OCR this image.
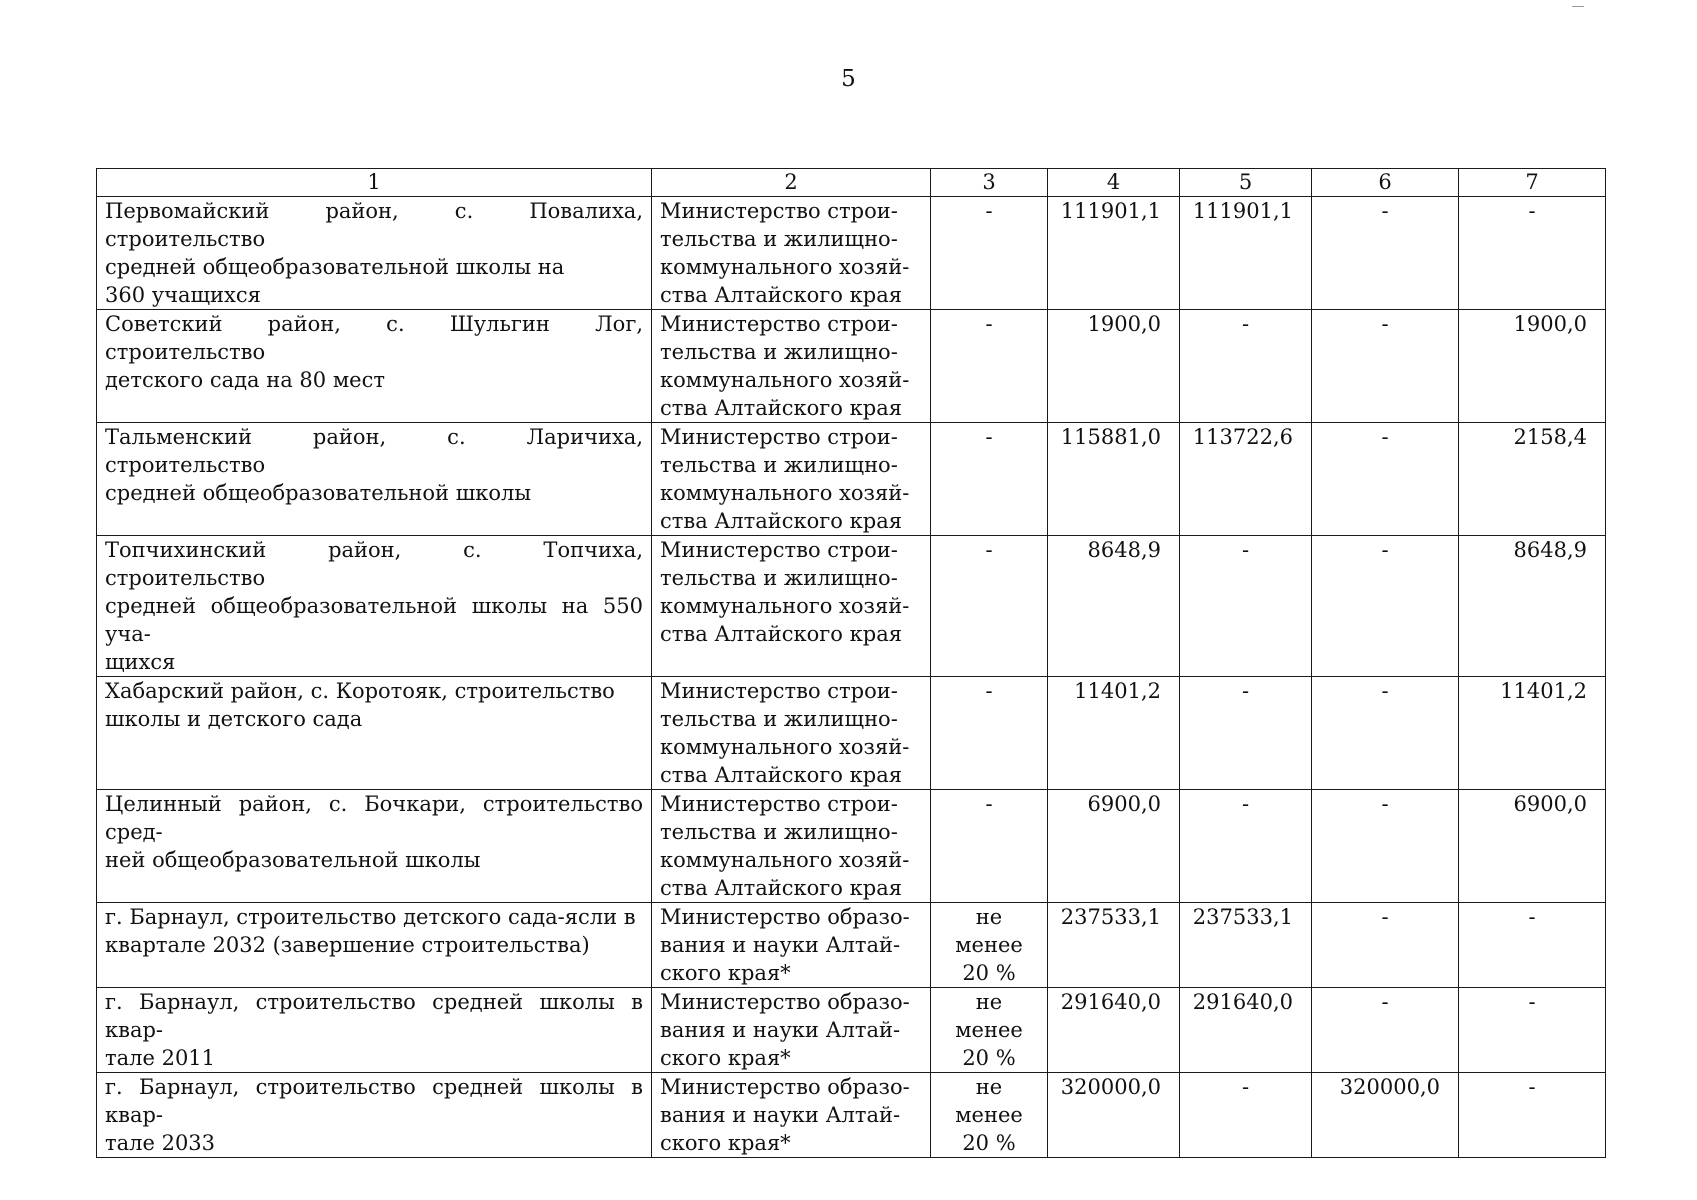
5
1	2	3	4	5	6	7

Первомайский район, с. Повалиха, строительство
средней общеобразовательной школы на
360 учащихся	Министерство строи-
тельства и жилищно-
коммунального хозяй-
ства Алтайского края	-	111901,1	111901,1	-	-

Советский район, с. Шульгин Лог, строительство
детского сада на 80 мест	Министерство строи-
тельства и жилищно-
коммунального хозяй-
ства Алтайского края	-	1900,0	-	-	1900,0

Тальменский район, с. Ларичиха, строительство
средней общеобразовательной школы	Министерство строи-
тельства и жилищно-
коммунального хозяй-
ства Алтайского края	-	115881,0	113722,6	-	2158,4

Топчихинский район, с. Топчиха, строительство
средней общеобразовательной школы на 550 уча-
щихся	Министерство строи-
тельства и жилищно-
коммунального хозяй-
ства Алтайского края	-	8648,9	-	-	8648,9

Хабарский район, с. Коротояк, строительство
школы и детского сада	Министерство строи-
тельства и жилищно-
коммунального хозяй-
ства Алтайского края	-	11401,2	-	-	11401,2

Целинный район, с. Бочкари, строительство сред-
ней общеобразовательной школы	Министерство строи-
тельства и жилищно-
коммунального хозяй-
ства Алтайского края	-	6900,0	-	-	6900,0

г. Барнаул, строительство детского сада-ясли в
квартале 2032 (завершение строительства)	Министерство образо-
вания и науки Алтай-
ского края*	не менее
20 %	237533,1	237533,1	-	-

г. Барнаул, строительство средней школы в квар-
тале 2011	Министерство образо-
вания и науки Алтай-
ского края*	не менее
20 %	291640,0	291640,0	-	-

г. Барнаул, строительство средней школы в квар-
тале 2033	Министерство образо-
вания и науки Алтай-
ского края*	не менее
20 %	320000,0	-	320000,0	-
